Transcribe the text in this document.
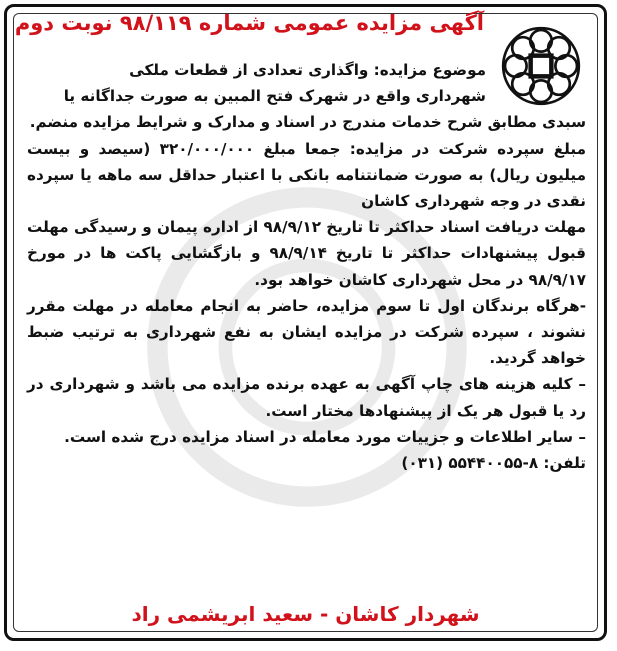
آگهی مزایده عمومی شماره ۹۸/۱۱۹ نوبت دوم

موضوع مزایده: واگذاری تعدادی از قطعات ملکی
شهرداری واقع در شهرک فتح المبین به صورت جداگانه یا
سبدی مطابق شرح خدمات مندرج در اسناد و مدارک و شرایط مزایده منضم.

مبلغ سپرده شرکت در مزایده: جمعا مبلغ ۳۲۰/۰۰۰/۰۰۰ (سیصد و بیست میلیون ریال) به صورت ضمانتنامه بانکی با اعتبار حداقل سه ماهه یا سپرده نقدی در وجه شهرداری کاشان

مهلت دریافت اسناد حداکثر تا تاریخ ۹۸/۹/۱۲ از اداره پیمان و رسیدگی مهلت قبول پیشنهادات حداکثر تا تاریخ ۹۸/۹/۱۴ و بازگشایی پاکت ها در مورخ ۹۸/۹/۱۷ در محل شهرداری کاشان خواهد بود.

-هرگاه برندگان اول تا سوم مزایده، حاضر به انجام معامله در مهلت مقرر نشوند ، سپرده شرکت در مزایده ایشان به نفع شهرداری به ترتیب ضبط خواهد گردید.

– کلیه هزینه های چاپ آگهی به عهده برنده مزایده می باشد و شهرداری در رد یا قبول هر یک از پیشنهادها مختار است.

– سایر اطلاعات و جزییات مورد معامله در اسناد مزایده درج شده است.

تلفن: ۸-۵۵۴۴۰۰۵۵ (۰۳۱)

شهردار کاشان - سعید ابریشمی راد
